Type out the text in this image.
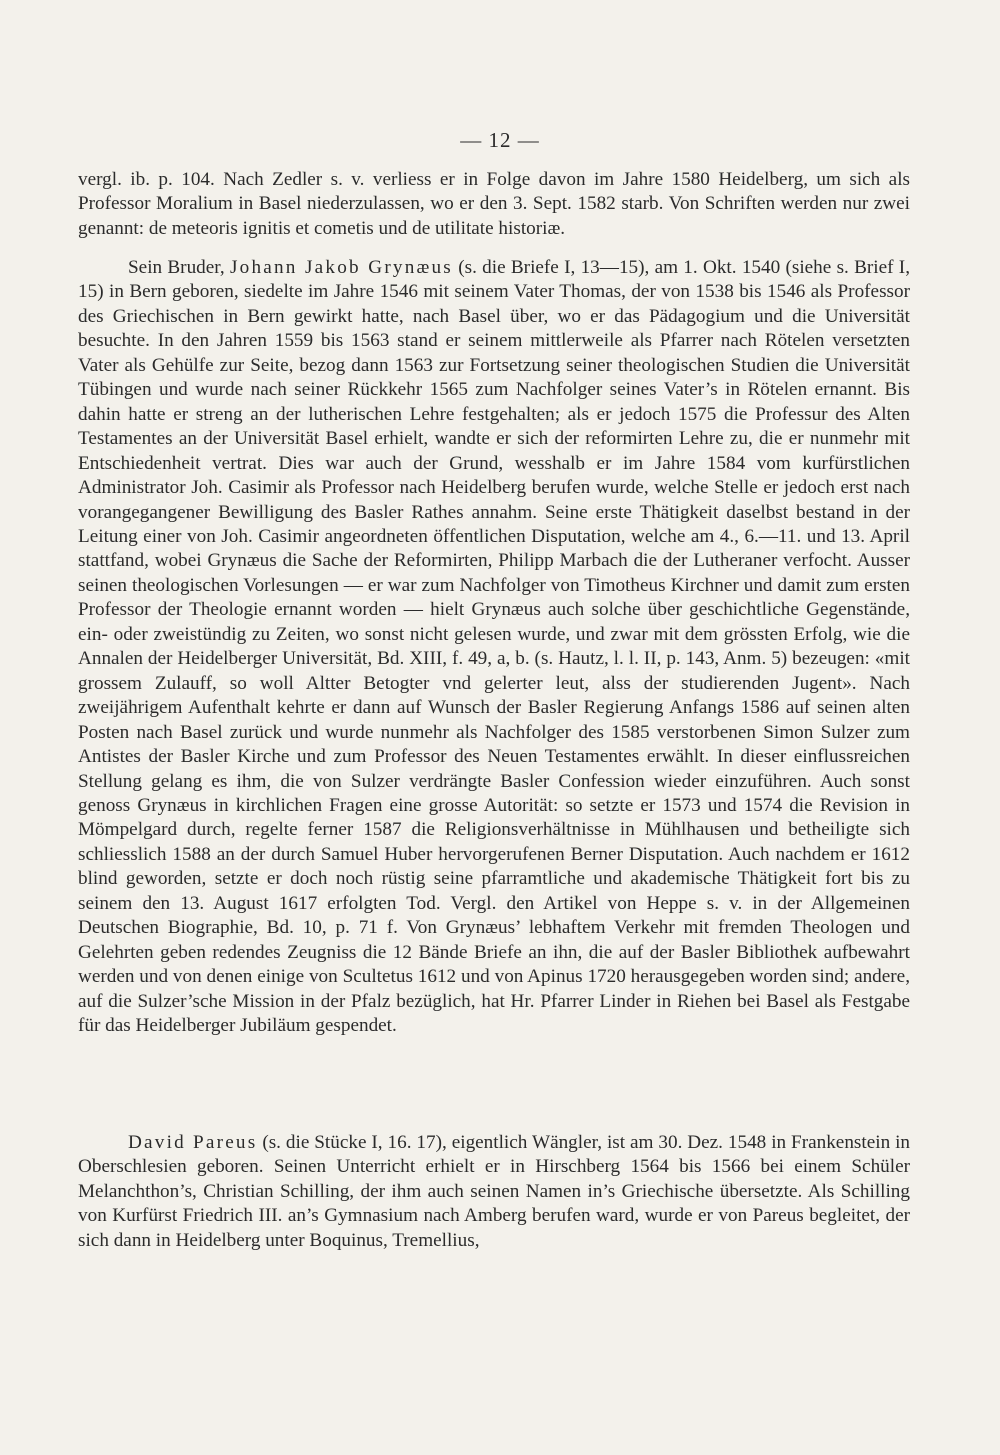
— 12 —

vergl. ib. p. 104. Nach Zedler s. v. verliess er in Folge davon im Jahre 1580 Heidelberg, um sich als Professor Moralium in Basel niederzulassen, wo er den 3. Sept. 1582 starb. Von Schriften werden nur zwei genannt: de meteoris ignitis et cometis und de utilitate historiæ.

Sein Bruder, Johann Jakob Grynæus (s. die Briefe I, 13—15), am 1. Okt. 1540 (siehe s. Brief I, 15) in Bern geboren, siedelte im Jahre 1546 mit seinem Vater Thomas, der von 1538 bis 1546 als Professor des Griechischen in Bern gewirkt hatte, nach Basel über, wo er das Pädagogium und die Universität besuchte. In den Jahren 1559 bis 1563 stand er seinem mittlerweile als Pfarrer nach Rötelen versetzten Vater als Gehülfe zur Seite, bezog dann 1563 zur Fortsetzung seiner theologischen Studien die Universität Tübingen und wurde nach seiner Rückkehr 1565 zum Nachfolger seines Vater’s in Rötelen ernannt. Bis dahin hatte er streng an der lutherischen Lehre festgehalten; als er jedoch 1575 die Professur des Alten Testamentes an der Universität Basel erhielt, wandte er sich der reformirten Lehre zu, die er nunmehr mit Entschiedenheit vertrat. Dies war auch der Grund, wesshalb er im Jahre 1584 vom kurfürstlichen Administrator Joh. Casimir als Professor nach Heidelberg berufen wurde, welche Stelle er jedoch erst nach vorangegangener Bewilligung des Basler Rathes annahm. Seine erste Thätigkeit daselbst bestand in der Leitung einer von Joh. Casimir angeordneten öffentlichen Disputation, welche am 4., 6.—11. und 13. April stattfand, wobei Grynæus die Sache der Reformirten, Philipp Marbach die der Lutheraner verfocht. Ausser seinen theologischen Vorlesungen — er war zum Nachfolger von Timotheus Kirchner und damit zum ersten Professor der Theologie ernannt worden — hielt Grynæus auch solche über geschichtliche Gegenstände, ein- oder zweistündig zu Zeiten, wo sonst nicht gelesen wurde, und zwar mit dem grössten Erfolg, wie die Annalen der Heidelberger Universität, Bd. XIII, f. 49, a, b. (s. Hautz, l. l. II, p. 143, Anm. 5) bezeugen: «mit grossem Zulauff, so woll Altter Betogter vnd gelerter leut, alss der studierenden Jugent». Nach zweijährigem Aufenthalt kehrte er dann auf Wunsch der Basler Regierung Anfangs 1586 auf seinen alten Posten nach Basel zurück und wurde nunmehr als Nachfolger des 1585 verstorbenen Simon Sulzer zum Antistes der Basler Kirche und zum Professor des Neuen Testamentes erwählt. In dieser einflussreichen Stellung gelang es ihm, die von Sulzer verdrängte Basler Confession wieder einzuführen. Auch sonst genoss Grynæus in kirchlichen Fragen eine grosse Autorität: so setzte er 1573 und 1574 die Revision in Mömpelgard durch, regelte ferner 1587 die Religionsverhältnisse in Mühlhausen und betheiligte sich schliesslich 1588 an der durch Samuel Huber hervorgerufenen Berner Disputation. Auch nachdem er 1612 blind geworden, setzte er doch noch rüstig seine pfarramtliche und akademische Thätigkeit fort bis zu seinem den 13. August 1617 erfolgten Tod. Vergl. den Artikel von Heppe s. v. in der Allgemeinen Deutschen Biographie, Bd. 10, p. 71 f. Von Grynæus’ lebhaftem Verkehr mit fremden Theologen und Gelehrten geben redendes Zeugniss die 12 Bände Briefe an ihn, die auf der Basler Bibliothek aufbewahrt werden und von denen einige von Scultetus 1612 und von Apinus 1720 herausgegeben worden sind; andere, auf die Sulzer’sche Mission in der Pfalz bezüglich, hat Hr. Pfarrer Linder in Riehen bei Basel als Festgabe für das Heidelberger Jubiläum gespendet.

David Pareus (s. die Stücke I, 16. 17), eigentlich Wängler, ist am 30. Dez. 1548 in Frankenstein in Oberschlesien geboren. Seinen Unterricht erhielt er in Hirschberg 1564 bis 1566 bei einem Schüler Melanchthon’s, Christian Schilling, der ihm auch seinen Namen in’s Griechische übersetzte. Als Schilling von Kurfürst Friedrich III. an’s Gymnasium nach Amberg berufen ward, wurde er von Pareus begleitet, der sich dann in Heidelberg unter Boquinus, Tremellius,
